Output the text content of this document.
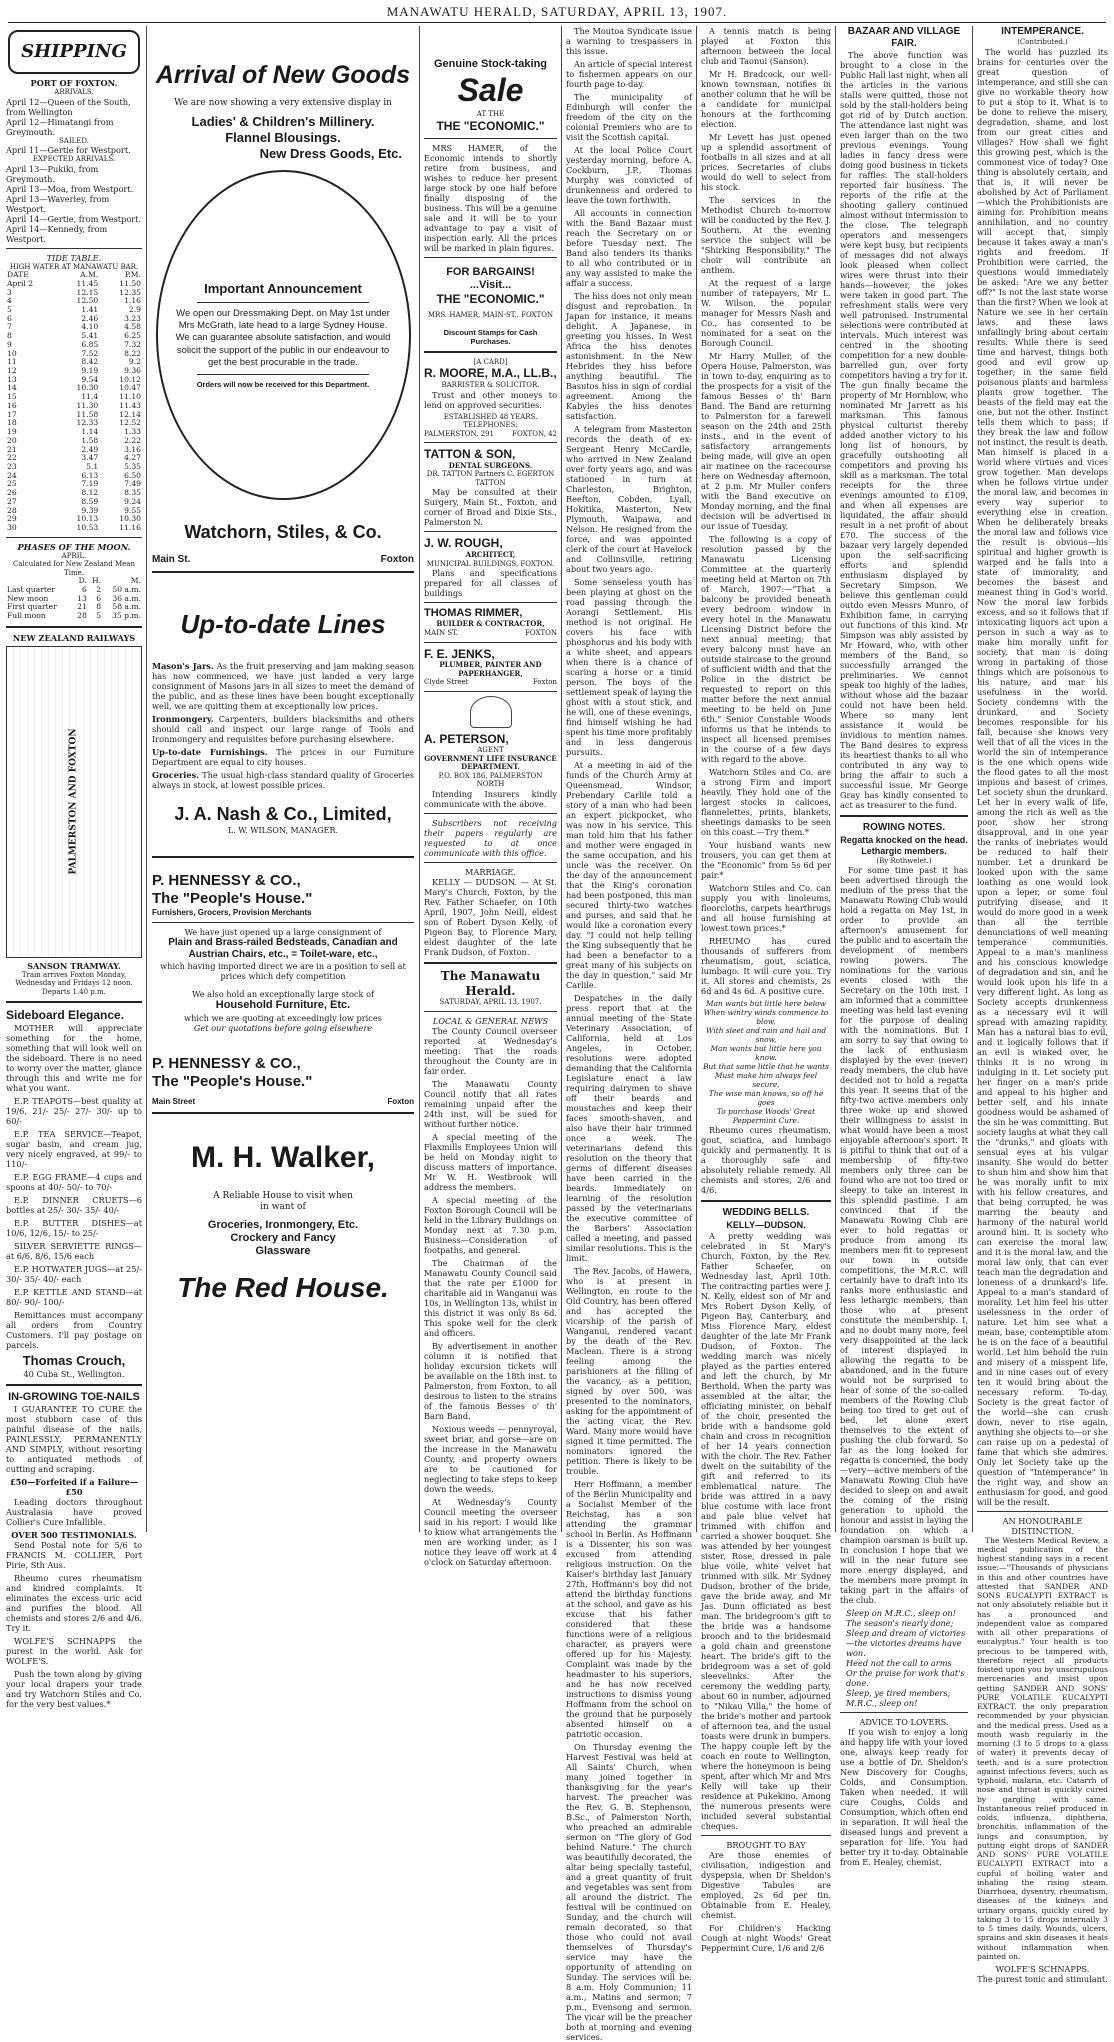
MANAWATU HERALD, SATURDAY, APRIL 13, 1907.
SHIPPING
PORT OF FOXTON.
ARRIVALS.
April 12—Queen of the South, from Wellington
April 12—Himatangi from Greymouth.
SAILED.
April 11—Gertie for Westport.
EXPECTED ARRIVALS.
April 13—Pukiki, from Greymouth.
April 13—Moa, from Westport.
April 13—Waverley, from Westport.
April 14—Gertie, from Westport.
April 14—Kennedy, from Westport.
TIDE TABLE.
HIGH WATER AT MANAWATU BAR.
DATE	A.M.	P.M.
April 2	11.45	11.50
3	12.15	12.35
4	12.50	1.16
5	1.41	2.9
6	2.46	3.23
7	4.10	4.58
8	5.41	6.25
9	6.85	7.32
10	7.52	8.22
11	8.42	9.2
12	9.19	9.36
13	9.54	10.12
14	10.30	10.47
15	11.4	11.10
16	11.30	11.43
17	11.58	12.14
18	12.33	12.52
19	1.14	1.33
20	1.58	2.22
21	2.49	3.16
22	3.47	4.27
23	5.1	5.35
24	6.13	6.50
25	7.19	7.49
26	8.12	8.35
27	8.59	9.24
28	9.39	9.55
29	10.13	10.30
30	10.53	11.16
PHASES OF THE MOON.
APRIL.
Calculated for New Zealand Mean Time.
	D.	H.	M.
Last quarter	6	2	50 a.m.
New moon	13	6	36 a.m.
First quarter	21	8	58 a.m.
Full moon	28	5	35 p.m.
NEW ZEALAND RAILWAYS
PALMERSTON AND FOXTON
SANSON TRAMWAY.
Train arrives Foxton Monday, Wednesday and Fridays 12 noon. Departs 1.40 p.m.
Sideboard Elegance.

MOTHER will appreciate something for the home, something that will look well on the sideboard. There is no need to worry over the matter, glance through this and write me for what you want.

E.P. TEAPOTS—best quality at 19/6, 21/- 25/- 27/- 30/- up to 60/-

E.P. TEA SERVICE—Teapot, sugar basin, and cream jug, very nicely engraved, at 99/- to 110/-

E.P. EGG FRAME—4 cups and spoons at 40/- 50/- to 70/-

E.P. DINNER CRUETS—6 bottles at 25/- 30/- 35/- 40/-

E.P. BUTTER DISHES—at 10/6, 12/6, 15/- to 25/-

SILVER SERVIETTE RINGS—at 6/6, 8/6, 15/6 each

E.P. HOTWATER JUGS—at 25/- 30/- 35/- 40/- each

E.P. KETTLE AND STAND—at 80/- 90/- 100/-

Remittances must accompany all orders from Country Customers. I'll pay postage on parcels.

Thomas Crouch,
40 Cuba St., Wellington.
IN-GROWING TOE-NAILS

I GUARANTEE TO CURE the most stubborn case of this painful disease of the nails, PAINLESSLY, PERMANENTLY AND SIMPLY, without resorting to antiquated methods of cutting and scraping.

£50—Forfeited if a Failure—£50

Leading doctors throughout Australasia have proved Collier's Cure Infallible.

OVER 500 TESTIMONIALS.

Send Postal note for 5/6 to FRANCIS M. COLLIER, Port Pirie, Sth Aus.

Rheumo cures rheumatism and kindred complaints. It eliminates the excess uric acid and purifies the blood. All chemists and stores 2/6 and 4/6. Try it.

WOLFE'S SCHNAPPS the purest in the world. Ask for WOLFE'S.

Push the town along by giving your local drapers your trade and try Watchorn Stiles and Co. for the very best values.*

Arrival of New Goods
We are now showing a very extensive display in
Ladies' & Children's Millinery.
Flannel Blousings.
New Dress Goods, Etc.
Important Announcement
We open our Dressmaking Dept. on May 1st under Mrs McGrath, late head to a large Sydney House. We can guarantee absolute satisfaction, and would solicit the support of the public in our endeavour to get the best procurable in the trade.
Orders will now be received for this Department.
Watchorn, Stiles, & Co.
Main St.	Foxton
Up-to-date Lines

Mason's Jars. As the fruit preserving and jam making season has now commenced, we have just landed a very large consignment of Masons jars in all sizes to meet the demand of the public, and as these lines have been bought exceptionally well, we are quitting them at exceptionally low prices.

Ironmongery. Carpenters, builders blacksmiths and others should call and inspect our large range of Tools and Ironmongery and requisites before purchasing elsewhere.

Up-to-date Furnishings. The prices in our Furniture Department are equal to city houses.

Groceries. The usual high-class standard quality of Groceries always in stock, at lowest possible prices.

J. A. Nash & Co., Limited,
L. W. WILSON, MANAGER.
P. HENNESSY & CO.,
The "People's House."
Furnishers, Grocers, Provision Merchants
We have just opened up a large consignment of
Plain and Brass-railed Bedsteads, Canadian and Austrian Chairs, etc., = Toilet-ware, etc.,
which having imported direct we are in a position to sell at prices which defy competition
We also hold an exceptionally large stock of
Household Furniture, Etc.
which we are quoting at exceedingly low prices
Get our quotations before going elsewhere
P. HENNESSY & CO.,
The "People's House."
Main Street	Foxton
M. H. Walker,
A Reliable House to visit when in want of
Groceries, Ironmongery, Etc.
Crockery and Fancy Glassware
The Red House.
Genuine Stock-taking
Sale
AT THE
THE "ECONOMIC."

MRS HAMER, of the Economic intends to shortly retire from business, and wishes to reduce her present large stock by one half before finally disposing of the business. This will be a genuine sale and it will be to your advantage to pay a visit of inspection early. All the prices will be marked in plain figures.

FOR BARGAINS!
...Visit...
THE "ECONOMIC."
MRS. HAMER, MAIN-ST., FOXTON
Discount Stamps for Cash Purchases.
[A CARD]
R. MOORE, M.A., LL.B.,
BARRISTER & SOLICITOR.

Trust and other moneys to lend on approved securities.

ESTABLISHED 48 YEARS.
TELEPHONES:
PALMERSTON, 291	FOXTON, 42
TATTON & SON,
DENTAL SURGEONS.
DR. TATTON Partners C. EGERTON TATTON

May be consulted at their Surgery, Main St., Foxton, and corner of Broad and Dixie Sts., Palmerston N.

J. W. ROUGH,
ARCHITECT,
MUNICIPAL BUILDINGS, FOXTON.

Plans and specifications prepared for all classes of buildings

THOMAS RIMMER,
BUILDER & CONTRACTOR,
MAIN ST.	FOXTON
F. E. JENKS,
PLUMBER, PAINTER AND PAPERHANGER,
Clyde Street	Foxton
A. PETERSON,
AGENT
GOVERNMENT LIFE INSURANCE DEPARTMENT.
P.O. BOX 186, PALMERSTON NORTH

Intending Insurers kindly communicate with the above.

Subscribers not receiving their papers regularly are requested to at once communicate with this office.

MARRIAGE.

KELLY — DUDSON. — At St. Mary's Church, Foxton, by the Rev. Father Schaefer, on 10th April, 1907, John Neill, eldest son of Robert Dyson Kelly, of Pigeon Bay, to Florence Mary, eldest daughter of the late Frank Dudson, of Foxton.

The Manawatu Herald.
SATURDAY, APRIL 13, 1907.
LOCAL & GENERAL NEWS

The County Council overseer reported at Wednesday's meeting: That the roads throughout the County are in fair order.

The Manawatu County Council notify that all rates remaining unpaid after the 24th inst. will be sued for without further notice.

A special meeting of the Flaxmills Employees Union will be held on Monday night to discuss matters of importance. Mr W. H. Westbrook will address the members.

A special meeting of the Foxton Borough Council will be held in the Library Buildings on Monday next at 7.30 p.m. Business—Consideration of footpaths, and general.

The Chairman of the Manawatu County Council said that the rate per £1000 for charitable aid in Wanganui was 10s, in Wellington 13s, whilst in this district it was only 8s 6d. This spoke well for the clerk and officers.

By advertisement in another column it is notified that holiday excursion tickets will be available on the 18th inst. to Palmerston, from Foxton, to all desirous to listen to the strains of the famous Besses o' th' Barn Band.

Noxious weeds — pennyroyal, sweet briar, and gorse—are on the increase in the Manawatu County, and property owners are to be cautioned for neglecting to take steps to keep down the weeds.

At Wednesday's County Council meeting the overseer said in his report: I would like to know what arrangements the men are working under, as I notice they leave off work at 4 o'clock on Saturday afternoon.

The Moutoa Syndicate issue a warning to trespassers in this issue.

An article of special interest to fishermen appears on our fourth page to-day.

The municipality of Edinburgh will confer the freedom of the city on the colonial Premiers who are to visit the Scottish capital.

At the local Police Court yesterday morning, before A. Cockburn, J.P., Thomas Murphy was convicted of drunkenness and ordered to leave the town forthwith.

All accounts in connection with the Band Bazaar must reach the Secretary on or before Tuesday next. The Band also tenders its thanks to all who contributed or in any way assisted to make the affair a success.

The hiss does not only mean disgust and reprobation. In Japan for instance, it means delight. A Japanese, in greeting you hisses. In West Africa the hiss denotes astonishment. In the New Hebrides they hiss before anything beautiful. The Basutos hiss in sign of cordial agreement. Among the Kabyles the hiss denotes satisfaction.

A telegram from Masterton records the death of ex-Sergeant Henry McCardle, who arrived in New Zealand over forty years ago, and was stationed in turn at Charleston, Brighton, Reefton, Cobden, Lyall, Hokitika, Masterton, New Plymouth, Waipawa, and Nelson. He resigned from the force, and was appointed clerk of the court at Havelock and Collinsville, retiring about two years ago.

Some senseless youth has been playing at ghost on the road passing through the Aorangi Settlement. His method is not original. He covers his face with phosphorus and his body with a white sheet, and appears when there is a chance of scaring a horse or a timid person. The boys of the settlement speak of laying the ghost with a stout stick, and he will, one of these evenings, find himself wishing he had spent his time more profitably and in less dangerous pursuits.

At a meeting in aid of the funds of the Church Army at Queensmead, Windsor, Prebendary Carlile told a story of a man who had been an expert pickpocket, who was now in his service. This man told him that his father and mother were engaged in the same occupation, and his uncle was the receiver. On the day of the announcement that the King's coronation had been postponed, this man secured thirty-two watches and purses, and said that he would like a coronation every day. "I could not help telling the King subsequently that he had been a benefactor to a great many of his subjects on the day in question," said Mr Carlile.

Despatches in the daily press report that at the annual meeting of the State Veterinary Association, of California, held at Los Angeles, in October, resolutions were adopted demanding that the California Legislature enact a law requiring dairymen to shave off their beards and moustaches and keep their faces smooth-shaven, and also have their hair trimmed once a week. The veterinarians defend this resolution on the theory that germs of different diseases have been carried in the beards. Immediately on learning of the resolution passed by the veterinarians the executive committee of the Barbers' Association called a meeting, and passed similar resolutions. This is the limit.

The Rev. Jacobs, of Hawera, who is at present in Wellington, en route to the Old Country, has been offered and has accepted the vicarship of the parish of Wanganui, rendered vacant by the death of the Rev. Maclean. There is a strong feeling among the parishioners at the filling of the vacancy, as a petition, signed by over 500, was presented to the nominators, asking for the appointment of the acting vicar, the Rev. Ward. Many more would have signed it time permitted. The nominators ignored the petition. There is likely to be trouble.

Herr Hoffmann, a member of the Berlin Municipality and a Socialist Member of the Reichstag, has a son attending the grammar school in Berlin. As Hoffmann is a Dissenter, his son was excused from attending religious instruction. On the Kaiser's birthday last January 27th, Hoffmann's boy did not attend the birthday functions at the school, and gave as his excuse that his father considered that these functions were of a religious character, as prayers were offered up for his Majesty. Complaint was made by the headmaster to his superiors, and he has now received instructions to dismiss young Hoffmann from the school on the ground that he purposely absented himself on a patriotic occasion.

On Thursday evening the Harvest Festival was held at All Saints' Church, when many joined together in thanksgiving for the year's harvest. The preacher was the Rev. G. B. Stephenson, B.Sc., of Palmerston North, who preached an admirable sermon on "The glory of God behind Nature." The church was beautifully decorated, the altar being specially tasteful, and a great quantity of fruit and vegetables was sent from all around the district. The festival will be continued on Sunday, and the church will remain decorated, so that those who could not avail themselves of Thursday's service may have the opportunity of attending on Sunday. The services will be: 8 a.m. Holy Communion; 11 a.m., Matins and sermon; 7 p.m., Evensong and sermon. The vicar will be the preacher both at morning and evening services.

A tennis match is being played at Foxton this afternoon between the local club and Taonui (Sanson).

Mr H. Bradcock, our well-known townsman, notifies in another column that he will be a candidate for municipal honours at the forthcoming election.

Mr Levett has just opened up a splendid assortment of footballs in all sizes and at all prices. Secretaries of clubs would do well to select from his stock.

The services in the Methodist Church to-morrow will be conducted by the Rev. J. Southern. At the evening service the subject will be "Shirking Responsibility." The choir will contribute an anthem.

At the request of a large number of ratepayers, Mr L. W. Wilson, the popular manager for Messrs Nash and Co., has consented to be nominated for a seat on the Borough Council.

Mr Harry Muller, of the Opera House, Palmerston, was in town to-day, enquiring as to the prospects for a visit of the famous Besses o' th' Barn Band. The Band are returning to Palmerston for a farewell season on the 24th and 25th insts., and in the event of satisfactory arrangements being made, will give an open air matinee on the racecourse here on Wednesday afternoon, at 2 p.m. Mr Muller confers with the Band executive on Monday morning, and the final decision will be advertised in our issue of Tuesday.

The following is a copy of resolution passed by the Manawatu Licensing Committee at the quarterly meeting held at Marton on 7th of March, 1907:—"That a balcony be provided beneath every bedroom window in every hotel in the Manawatu Licensing District before the next annual meeting; that every balcony must have an outside staircase to the ground of sufficient width and that the Police in the district be requested to report on this matter before the next annual meeting to be held on June 6th." Senior Constable Woods informs us that he intends to inspect all licensed premises in the course of a few days with regard to the above.

Watchorn Stiles and Co. are a strong Firm and import heavily. They hold one of the largest stocks in calicoes, flannelettes, prints, blankets, sheetings damasks to be seen on this coast.—Try them.*

Your husband wants new trousers, you can get them at the "Economic" from 5s 6d per pair.*

Watchorn Stiles and Co. can supply you with linoleums, floorcloths, carpets hearthrugs and all house furnishing at lowest town prices.*

RHEUMO has cured thousands of sufferers from rheumatism, gout, sciatica, lumbago. It will cure you. Try it. All stores and chemists, 2s 6d and 4s 6d. A positive cure.

Man wants but little here below
When wintry winds commence to blow,
With sleet and rain and hail and snow,
Man wants but little here you know.
But that same little that he wants
Must make him always feel secure,
The wise man knows, so off he goes
To purchase Woods' Great Peppermint Cure.

Rheumo cures rheumatism, gout, sciatica, and lumbago quickly and permanently. It is a thoroughly safe and absolutely reliable remedy. All chemists and stores, 2/6 and 4/6.

WEDDING BELLS.
KELLY—DUDSON.

A pretty wedding was celebrated in St Mary's Church, Foxton, by the Rev. Father Schaefer, on Wednesday last, April 10th. The contracting parties were J. N. Kelly, eldest son of Mr and Mrs Robert Dyson Kelly, of Pigeon Bay, Canterbury, and Miss Florence Mary, eldest daughter of the late Mr Frank Dudson, of Foxton. The wedding march was nicely played as the parties entered and left the church, by Mr Berthold. When the party was assembled at the altar, the officiating minister, on behalf of the choir, presented the bride with a handsome gold chain and cross in recognition of her 14 years connection with the choir. The Rev. Father dwelt on the suitability of the gift and referred to its emblematical nature. The bride was attired in a navy blue costume with lace front and pale blue velvet hat trimmed with chiffon and carried a shower bouquet. She was attended by her youngest sister, Rose, dressed in pale blue voile, white velvet hat trimmed with silk. Mr Sydney Dudson, brother of the bride, gave the bride away, and Mr Jas. Dunn officiated as best man. The bridegroom's gift to the bride was a handsome brooch and to the bridesmaid a gold chain and greenstone heart. The bride's gift to the bridegroom was a set of gold sleevelinks. After the ceremony the wedding party, about 60 in number, adjourned to "Nikau Villa," the home of the bride's mother and partook of afternoon tea, and the usual toasts were drunk in bumpers. The happy couple left by the coach en route to Wellington, where the honeymoon is being spent, after which Mr and Mrs Kelly will take up their residence at Pukekino. Among the numerous presents were included several substantial cheques.

BROUGHT TO BAY

Are those enemies of civilisation, indigestion and dyspepsia, when Dr Sheldon's Digestive Tabules are employed, 2s 6d per tin. Obtainable from E. Healey, chemist.

For Children's Hacking Cough at night Woods' Great Peppermint Cure, 1/6 and 2/6

BAZAAR AND VILLAGE FAIR.

The above function was brought to a close in the Public Hall last night, when all the articles in the various stalls were quitted, those not sold by the stall-holders being got rid of by Dutch auction. The attendance last night was even larger than on the two previous evenings. Young ladies in fancy dress were doing good business in tickets for raffles. The stall-holders reported fair business. The reports of the rifle at the shooting gallery continued almost without intermission to the close. The telegraph operators and messengers were kept busy, but recipients of messages did not always look pleased when collect wires were thrust into their hands—however, the jokes were taken in good part. The refreshment stalls were very well patronised. Instrumental selections were contributed at intervals. Much interest was centred in the shooting competition for a new double-barrelled gun, over forty competitors having a try for it. The gun finally became the property of Mr Hornblow, who nominated Mr Jarrett as his marksman. This famous physical culturist thereby added another victory to his long list of honours, by gracefully outshooting all competitors and proving his skill as a marksman. The total receipts for the three evenings amounted to £109, and when all expenses are liquidated, the affair should result in a net profit of about £70. The success of the bazaar very largely depended upon the self-sacrificing efforts and splendid enthusiasm displayed by Secretary Simpson. We believe this gentleman could outdo even Messrs Munro, of Exhibition fame, in carrying out functions of this kind. Mr Simpson was ably assisted by Mr Howard, who, with other members of the Band, so successfully arranged the preliminaries. We cannot speak too highly of the ladies, without whose aid the bazaar could not have been held. Where so many lent assistance it would be invidious to mention names. The Band desires to express its heartiest thanks to all who contributed in any way to bring the affair to such a successful issue. Mr George Gray has kindly consented to act as treasurer to the fund.

ROWING NOTES.
Regatta knocked on the head.
Lethargic members.
(By Rothwelet.)

For some time past it has been advertised through the medium of the press that the Manawatu Rowing Club would hold a regatta on May 1st, in order to provide an afternoon's amusement for the public and to ascertain the development of members rowing powers. The nominations for the various events closed with the Secretary on the 10th inst. I am informed that a committee meeting was held last evening for the purpose of dealing with the nominations. But I am sorry to say that owing to the lack of enthusiasm displayed by the ever (never) ready members, the club have decided not to hold a regatta this year. It seems that of the fifty-two active members only three woke up and showed their willingness to assist in what would have been a most enjoyable afternoon's sport. It is pitiful to think that out of a membership of fifty-two members only three can be found who are not too tired or sleepy to take an interest in this splendid pastime. I am convinced that if the Manawatu Rowing Club are ever to hold regattas or produce from among its members men fit to represent our town in outside competitions, the M.R.C. will certainly have to draft into its ranks more enthusiastic and less lethargic members, than those who at present constitute the membership. I, and no doubt many more, feel very disappointed at the lack of interest displayed in allowing the regatta to be abandoned, and in the future would not be surprised to hear of some of the so-called members of the Rowing Club being too tired to get out of bed, let alone exert themselves to the extent of pushing the club forward. So far as the long looked for regatta is concerned, the body—very—active members of the Manawatu Rowing Club have decided to sleep on and await the coming of the rising generation to uphold the honour and assist in laying the foundation on which a champion oarsman is built up. In conclusion I hope that we will in the near future see more energy displayed, and the members more prompt in taking part in the affairs of the club.

Sleep on M.R.C., sleep on!
The season's nearly done;
Sleep and dream of victories—the victories dreams have won.
Heed not the call to arms
Or the praise for work that's done.
Sleep, ye tired members, M.R.C., sleep on!
ADVICE TO LOVERS.

If you wish to enjoy a long and happy life with your loved one, always keep ready for use a bottle of Dr. Sheldon's New Discovery for Coughs, Colds, and Consumption. Taken when needed, it will cure Coughs, Colds and Consumption, which often end in separation. It will heal the diseased lungs and prevent a separation for life. You had better try it to-day. Obtainable from E. Healey, chemist.

INTEMPERANCE.
(Contributed.)

The world has puzzled its brains for centuries over the great question of intemperance, and still she can give no workable theory how to put a stop to it. What is to be done to relieve the misery, degradation, shame, and lost from our great cities and villages? How shall we fight this growing pest, which is the commonest vice of today? One thing is absolutely certain, and that is, it will never be abolished by Act of Parliament—which the Prohibitionists are aiming for. Prohibition means annihilation, and no country will accept that, simply because it takes away a man's rights and freedom. If Prohibition were carried, the questions would immediately be asked: "Are we any better off?" Is not the last state worse than the first? When we look at Nature we see in her certain laws, and these laws unfailingly bring about certain results. While there is seed time and harvest, things both good and evil grow up together; in the same field poisonous plants and harmless plants grow together. The beasts of the field may eat the one, but not the other. Instinct tells them which to pass; if they break the law and follow not instinct, the result is death. Man himself is placed in a world where virtues and vices grow together. Man develops when he follows virtue under the moral law, and becomes in every way superior to everything else in creation. When he deliberately breaks the moral law and follows vice the result is obvious—his spiritual and higher growth is warped and he falls into a state of immorality, and becomes the basest and meanest thing in God's world. Now the moral law forbids excess, and so it follows that if intoxicating liquors act upon a person in such a way as to make him morally unfit for society, that man is doing wrong in partaking of those things which are poisonous to his nature, and mar his usefulness in the world. Society condemns with the drunkard, and Society becomes responsible for his fall, because she knows very well that of all the vices in the world the sin of intemperance is the one which opens wide the flood gates to all the most impious and basest of crimes. Let society shun the drunkard. Let her in every walk of life, among the rich as well as the poor, show her strong disapproval, and in one year the ranks of inebriates would be reduced to half their number. Let a drunkard be looked upon with the same loathing as one would look upon a leper, or some foul putrifying disease, and it would do more good in a week than all the terrible denunciations of well meaning temperance communities. Appeal to a man's manliness and his conscious knowledge of degradation and sin, and he would look upon his life in a very different light. As long as Society accepts drunkenness as a necessary evil it will spread with amazing rapidity. Man has a natural bias to evil, and it logically follows that if an evil is winked over, he thinks it is no wrong in indulging in it. Let society put her finger on a man's pride and appeal to his higher and better self, and his innate goodness would be ashamed of the sin he was committing. But society laughs at what they call the "drunks," and gloats with sensual eyes at his vulgar insanity. She would do better to shun him and show him that he was morally unfit to mix with his fellow creatures, and that being corrupted, he was marring the beauty and harmony of the natural world around him. It is society who can exercise the moral law, and it is the moral law, and the moral law only, that can ever teach man the degradation and loneness of a drunkard's life. Appeal to a man's standard of morality. Let him feel his utter uselessness in the order of nature. Let him see what a mean, base, contemptible atom he is on the face of a beautiful world. Let him behold the ruin and misery of a misspent life, and in nine cases out of every ten it would bring about the necessary reform. To-day, Society is the great factor of the world—she can crush down, never to rise again, anything she objects to—or she can raise up on a pedestal of fame that which she admires. Only let Society take up the question of "Intemperance" in the right way, and show an enthusiasm for good, and good will be the result.

AN HONOURABLE DISTINCTION.

The Western Medical Review, a medical publication of the highest standing says in a recent issue:—"Thousands of physicians in this and other countries have attested that SANDER AND SONS EUCALYPTI EXTRACT is not only absolutely reliable but it has a pronounced and independent value as compared with all other preparations of eucalyptus." Your health is too precious to be tampered with, therefore reject all products foisted upon you by unscrupulous mercenaries and insist upon getting SANDER AND SONS' PURE VOLATILE EUCALYPTI EXTRACT, the only preparation recommended by your physician and the medical press. Used as a mouth wash regularly in the morning (3 to 5 drops to a glass of water) it prevents decay of teeth, and is a sure protection against infectious fevers, such as typhoid, malaria, etc. Catarrh of nose and throat is quickly cured by gargling with same. Instantaneous relief produced in colds, influenza, diphtheria, bronchitis, inflammation of the lungs and consumption, by putting eight drops of SANDER AND SONS' PURE VOLATILE EUCALYPTI EXTRACT into a cupful of boiling water and inhaling the rising steam. Diarrhoea, dysentry, rheumatism, diseases of the kidneys and urinary organs, quickly cured by taking 3 to 15 drops internally 3 to 5 times daily. Wounds, ulcers, sprains and skin diseases it heals without inflammation when painted on.

WOLFE'S SCHNAPPS.
The purest tonic and stimulant.
